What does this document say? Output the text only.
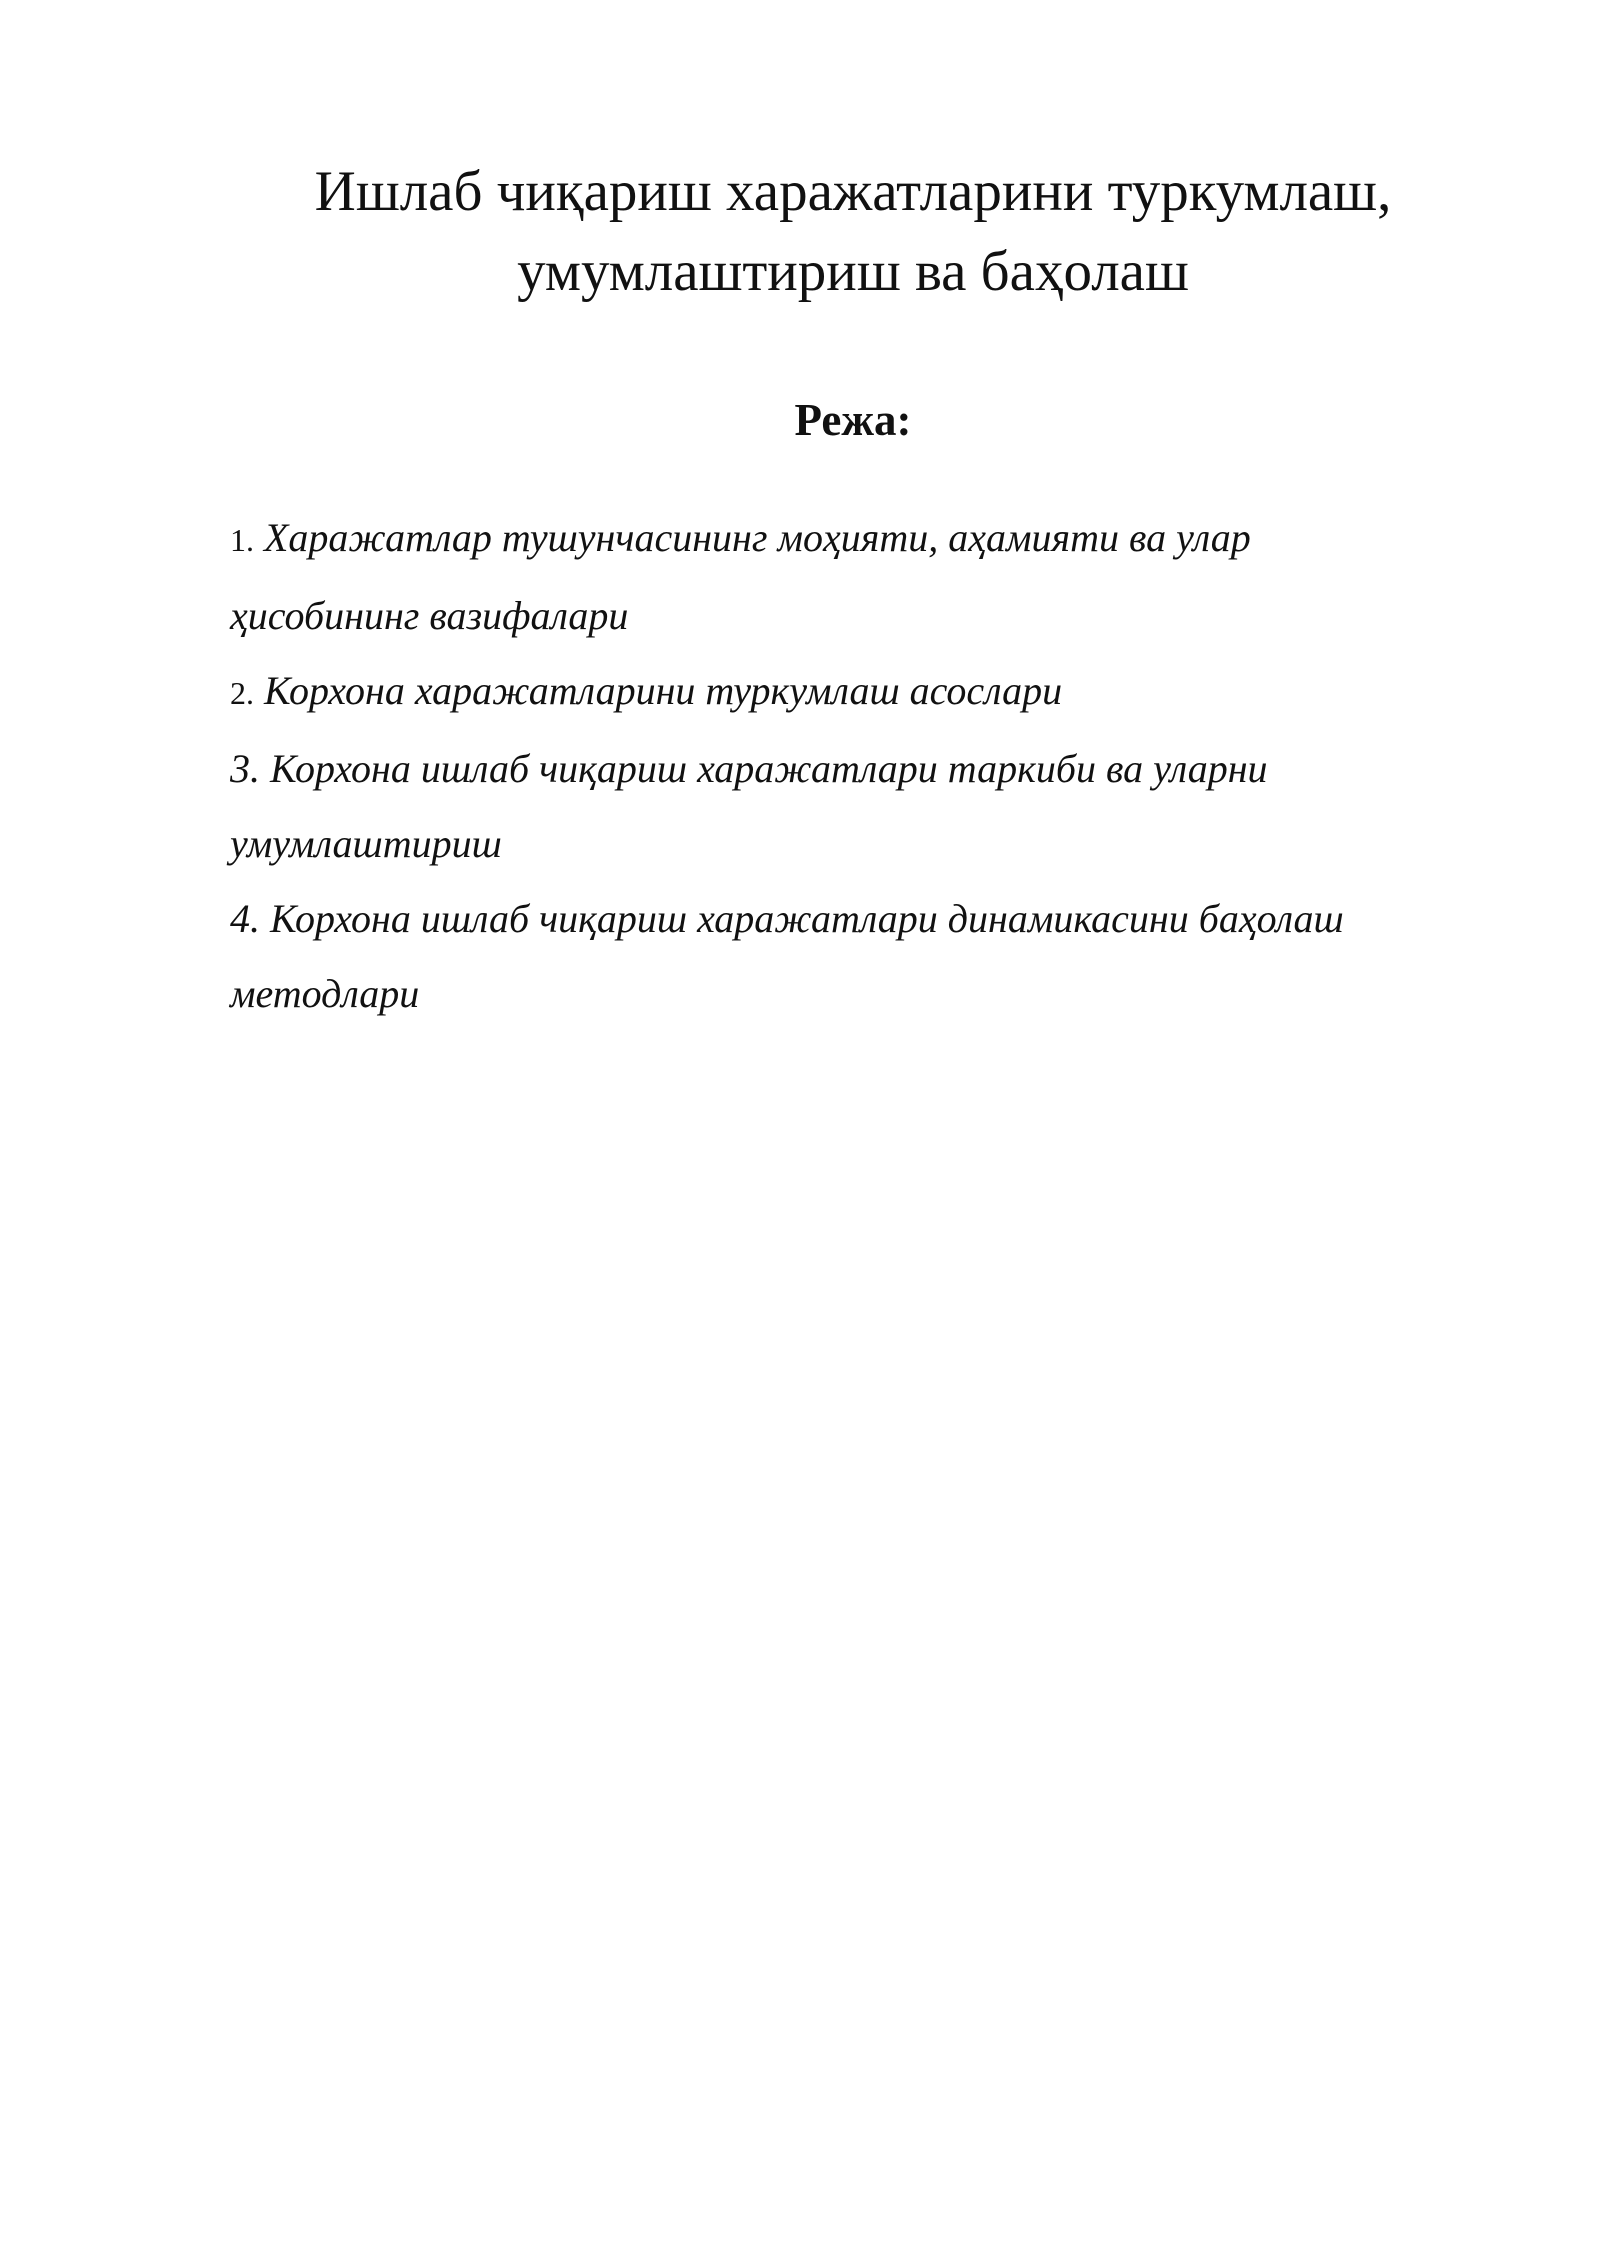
Ишлаб чиқариш харажатларини туркумлаш,
умумлаштириш ва баҳолаш
Режа:
1. Харажатлар тушунчасининг моҳияти, аҳамияти ва улар
ҳисобининг вазифалари
2. Корхона харажатларини туркумлаш асослари
3. Корхона ишлаб чиқариш харажатлари таркиби ва уларни
умумлаштириш
4. Корхона ишлаб чиқариш харажатлари динамикасини баҳолаш
методлари
